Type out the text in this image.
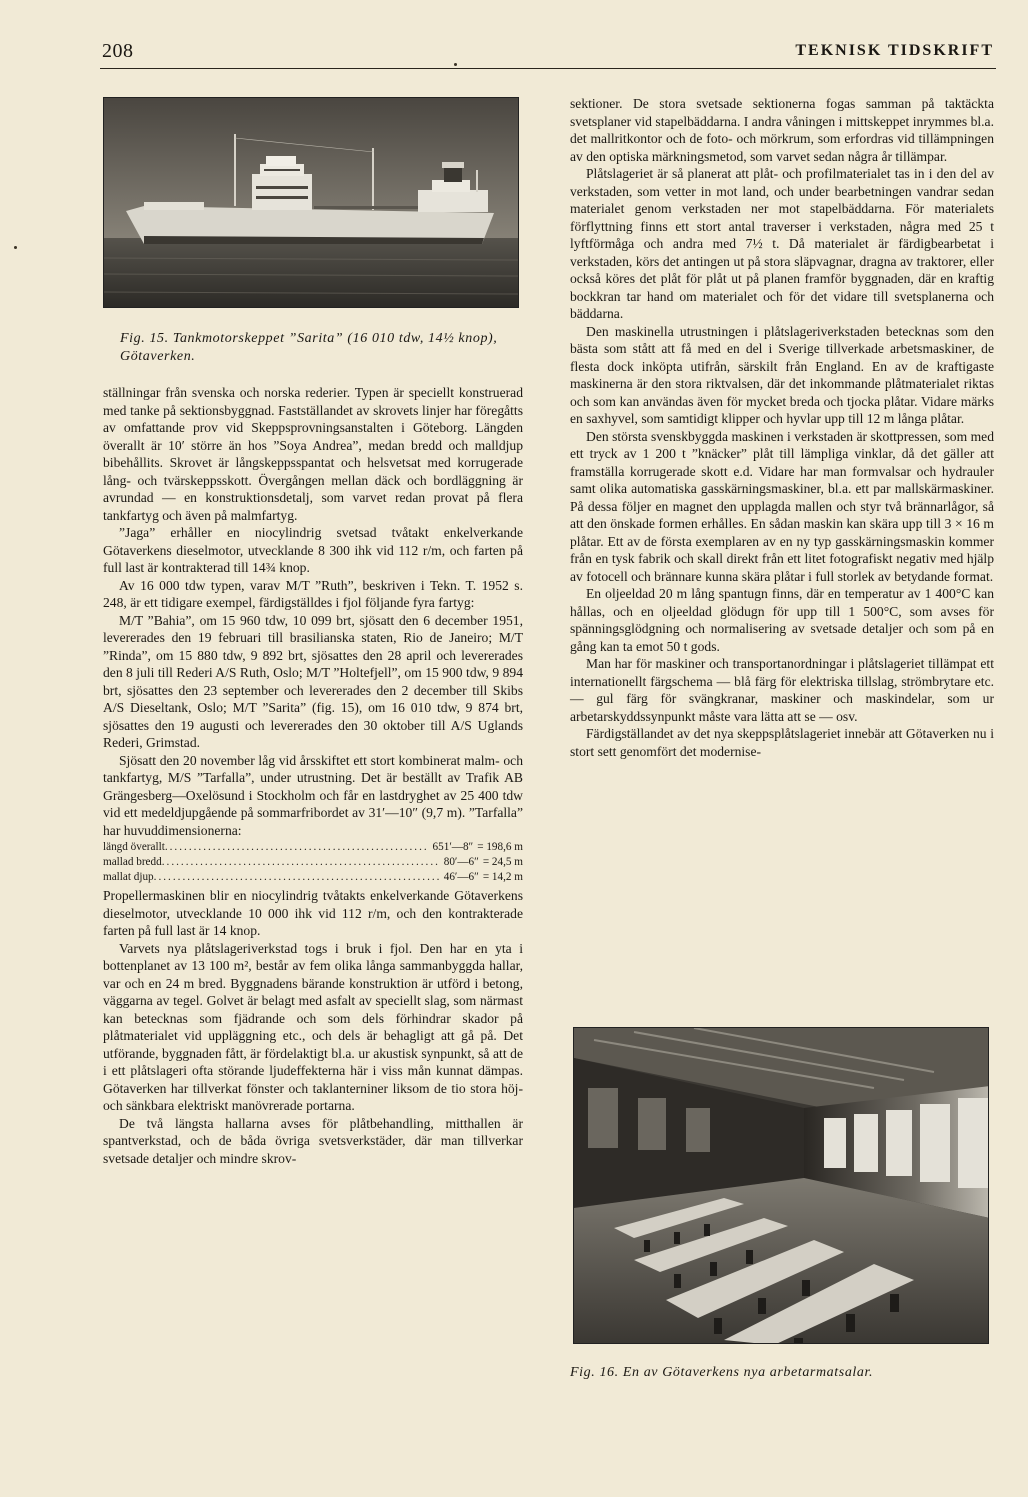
208	TEKNISK TIDSKRIFT
Fig. 15. Tankmotorskeppet ”Sarita” (16 010 tdw, 14½ knop), Götaverken.

ställningar från svenska och norska rederier. Typen är speciellt konstruerad med tanke på sektionsbyggnad. Fastställandet av skrovets linjer har föregåtts av omfattande prov vid Skeppsprovningsanstalten i Göteborg. Längden överallt är 10′ större än hos ”Soya Andrea”, medan bredd och malldjup bibehållits. Skrovet är långskeppsspantat och helsvetsat med korrugerade lång- och tvärskeppsskott. Övergången mellan däck och bordläggning är avrundad — en konstruktionsdetalj, som varvet redan provat på flera tankfartyg och även på malmfartyg.

”Jaga” erhåller en niocylindrig svetsad tvåtakt enkelverkande Götaverkens dieselmotor, utvecklande 8 300 ihk vid 112 r/m, och farten på full last är kontrakterad till 14¾ knop.

Av 16 000 tdw typen, varav M/T ”Ruth”, beskriven i Tekn. T. 1952 s. 248, är ett tidigare exempel, färdigställdes i fjol följande fyra fartyg:

M/T ”Bahia”, om 15 960 tdw, 10 099 brt, sjösatt den 6 december 1951, levererades den 19 februari till brasilianska staten, Rio de Janeiro; M/T ”Rinda”, om 15 880 tdw, 9 892 brt, sjösattes den 28 april och levererades den 8 juli till Rederi A/S Ruth, Oslo; M/T ”Holtefjell”, om 15 900 tdw, 9 894 brt, sjösattes den 23 september och levererades den 2 december till Skibs A/S Dieseltank, Oslo; M/T ”Sarita” (fig. 15), om 16 010 tdw, 9 874 brt, sjösattes den 19 augusti och levererades den 30 oktober till A/S Uglands Rederi, Grimstad.

Sjösatt den 20 november låg vid årsskiftet ett stort kombinerat malm- och tankfartyg, M/S ”Tarfalla”, under utrustning. Det är beställt av Trafik AB Grängesberg—Oxelösund i Stockholm och får en lastdryghet av 25 400 tdw vid ett medeldjupgående på sommarfribordet av 31′—10″ (9,7 m). ”Tarfalla” har huvuddimensionerna:

längd överallt .....	651′—8″ = 198,6 m
mallad bredd .....	80′—6″ = 24,5 m
mallat djup .....	46′—6″ = 14,2 m

Propellermaskinen blir en niocylindrig tvåtakts enkelverkande Götaverkens dieselmotor, utvecklande 10 000 ihk vid 112 r/m, och den kontrakterade farten på full last är 14 knop.

Varvets nya plåtslageriverkstad togs i bruk i fjol. Den har en yta i bottenplanet av 13 100 m², består av fem olika långa sammanbyggda hallar, var och en 24 m bred. Byggnadens bärande konstruktion är utförd i betong, väggarna av tegel. Golvet är belagt med asfalt av speciellt slag, som närmast kan betecknas som fjädrande och som dels förhindrar skador på plåtmaterialet vid uppläggning etc., och dels är behagligt att gå på. Det utförande, byggnaden fått, är fördelaktigt bl.a. ur akustisk synpunkt, så att de i ett plåtslageri ofta störande ljudeffekterna här i viss mån kunnat dämpas. Götaverken har tillverkat fönster och taklanterniner liksom de tio stora höj- och sänkbara elektriskt manövrerade portarna.

De två längsta hallarna avses för plåtbehandling, mitthallen är spantverkstad, och de båda övriga svetsverkstäder, där man tillverkar svetsade detaljer och mindre skrov-

sektioner. De stora svetsade sektionerna fogas samman på taktäckta svetsplaner vid stapelbäddarna. I andra våningen i mittskeppet inrymmes bl.a. det mallritkontor och de foto- och mörkrum, som erfordras vid tillämpningen av den optiska märkningsmetod, som varvet sedan några år tillämpar.

Plåtslageriet är så planerat att plåt- och profilmaterialet tas in i den del av verkstaden, som vetter in mot land, och under bearbetningen vandrar sedan materialet genom verkstaden ner mot stapelbäddarna. För materialets förflyttning finns ett stort antal traverser i verkstaden, några med 25 t lyftförmåga och andra med 7½ t. Då materialet är färdigbearbetat i verkstaden, körs det antingen ut på stora släpvagnar, dragna av traktorer, eller också köres det plåt för plåt ut på planen framför byggnaden, där en kraftig bockkran tar hand om materialet och för det vidare till svetsplanerna och bäddarna.

Den maskinella utrustningen i plåtslageriverkstaden betecknas som den bästa som stått att få med en del i Sverige tillverkade arbetsmaskiner, de flesta dock inköpta utifrån, särskilt från England. En av de kraftigaste maskinerna är den stora riktvalsen, där det inkommande plåtmaterialet riktas och som kan användas även för mycket breda och tjocka plåtar. Vidare märks en saxhyvel, som samtidigt klipper och hyvlar upp till 12 m långa plåtar.

Den största svenskbyggda maskinen i verkstaden är skottpressen, som med ett tryck av 1 200 t ”knäcker” plåt till lämpliga vinklar, då det gäller att framställa korrugerade skott e.d. Vidare har man formvalsar och hydrauler samt olika automatiska gasskärningsmaskiner, bl.a. ett par mallskärmaskiner. På dessa följer en magnet den upplagda mallen och styr två brännarlågor, så att den önskade formen erhålles. En sådan maskin kan skära upp till 3 × 16 m plåtar. Ett av de första exemplaren av en ny typ gasskärningsmaskin kommer från en tysk fabrik och skall direkt från ett litet fotografiskt negativ med hjälp av fotocell och brännare kunna skära plåtar i full storlek av betydande format.

En oljeeldad 20 m lång spantugn finns, där en temperatur av 1 400°C kan hållas, och en oljeeldad glödugn för upp till 1 500°C, som avses för spänningsglödgning och normalisering av svetsade detaljer och som på en gång kan ta emot 50 t gods.

Man har för maskiner och transportanordningar i plåtslageriet tillämpat ett internationellt färgschema — blå färg för elektriska tillslag, strömbrytare etc. — gul färg för svängkranar, maskiner och maskindelar, som ur arbetarskyddssynpunkt måste vara lätta att se — osv.

Färdigställandet av det nya skeppsplåtslageriet innebär att Götaverken nu i stort sett genomfört det modernise-

Fig. 16. En av Götaverkens nya arbetarmatsalar.
